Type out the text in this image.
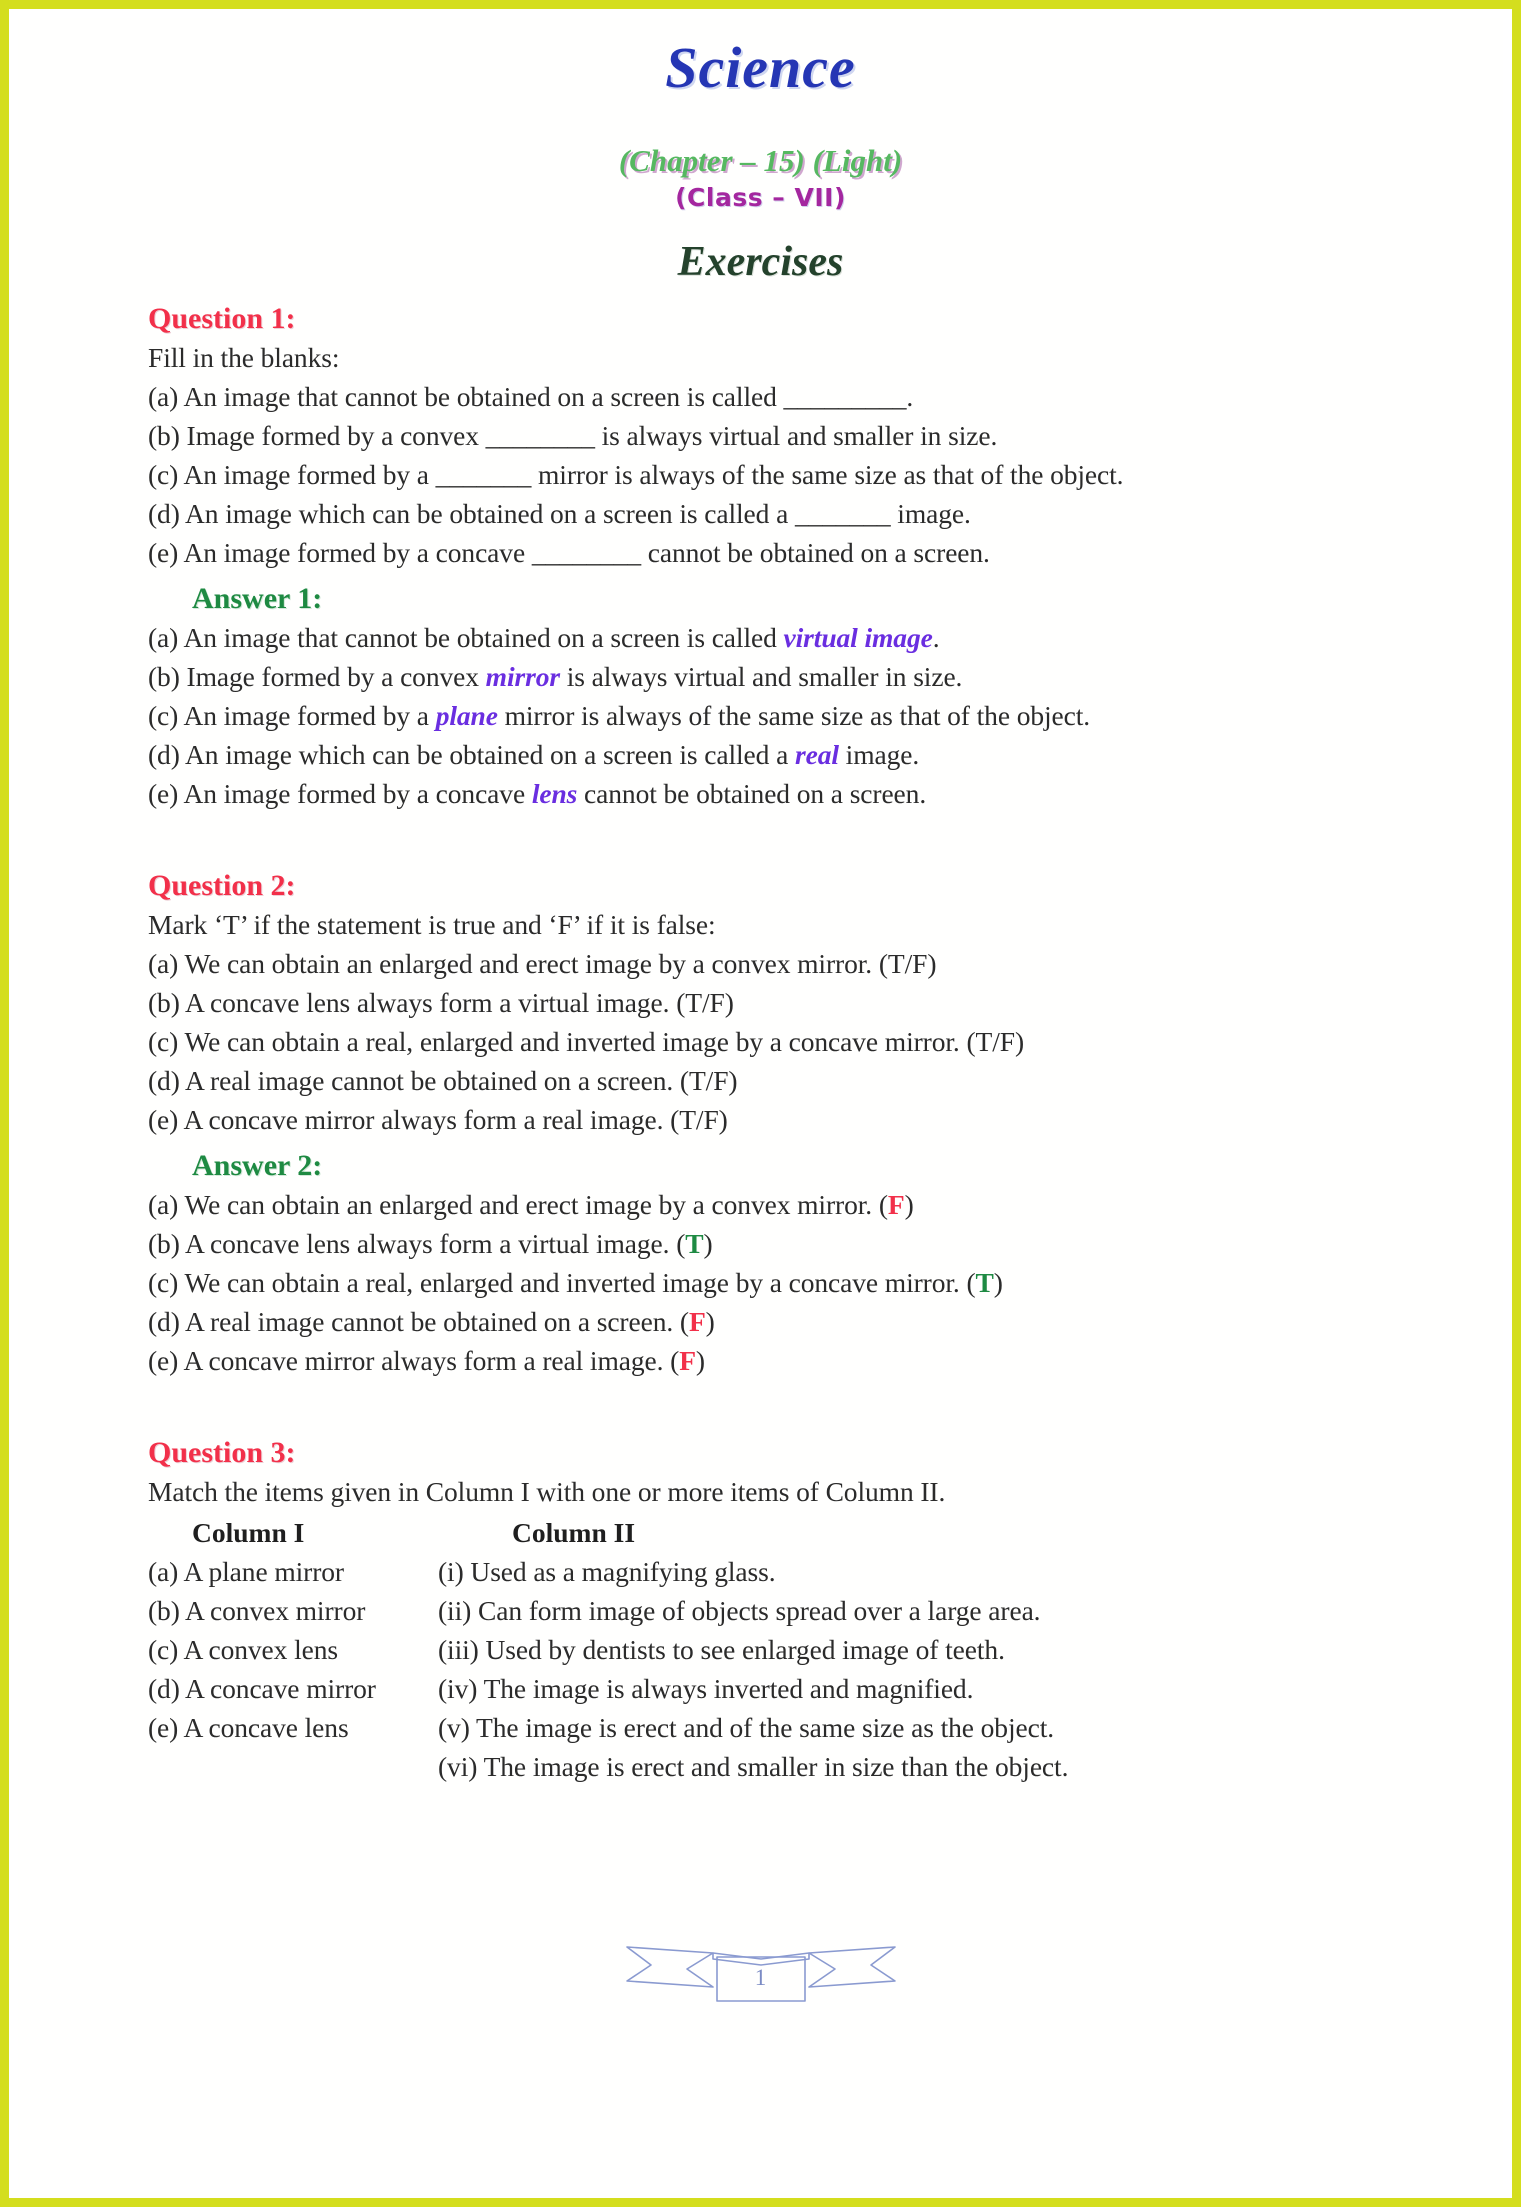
Science
(Chapter – 15) (Light)
(Class – VII)
Exercises
Question 1:
Fill in the blanks:
(a) An image that cannot be obtained on a screen is called _________.
(b) Image formed by a convex ________ is always virtual and smaller in size.
(c) An image formed by a _______ mirror is always of the same size as that of the object.
(d) An image which can be obtained on a screen is called a _______ image.
(e) An image formed by a concave ________ cannot be obtained on a screen.
Answer 1:
(a) An image that cannot be obtained on a screen is called virtual image.
(b) Image formed by a convex mirror is always virtual and smaller in size.
(c) An image formed by a plane mirror is always of the same size as that of the object.
(d) An image which can be obtained on a screen is called a real image.
(e) An image formed by a concave lens cannot be obtained on a screen.
Question 2:
Mark ‘T’ if the statement is true and ‘F’ if it is false:
(a) We can obtain an enlarged and erect image by a convex mirror. (T/F)
(b) A concave lens always form a virtual image. (T/F)
(c) We can obtain a real, enlarged and inverted image by a concave mirror. (T/F)
(d) A real image cannot be obtained on a screen. (T/F)
(e) A concave mirror always form a real image. (T/F)
Answer 2:
(a) We can obtain an enlarged and erect image by a convex mirror. (F)
(b) A concave lens always form a virtual image. (T)
(c) We can obtain a real, enlarged and inverted image by a concave mirror. (T)
(d) A real image cannot be obtained on a screen. (F)
(e) A concave mirror always form a real image. (F)
Question 3:
Match the items given in Column I with one or more items of Column II.
Column I
(a) A plane mirror
(b) A convex mirror
(c) A convex lens
(d) A concave mirror
(e) A concave lens
Column II
(i) Used as a magnifying glass.
(ii) Can form image of objects spread over a large area.
(iii) Used by dentists to see enlarged image of teeth.
(iv) The image is always inverted and magnified.
(v) The image is erect and of the same size as the object.
(vi) The image is erect and smaller in size than the object.
1
